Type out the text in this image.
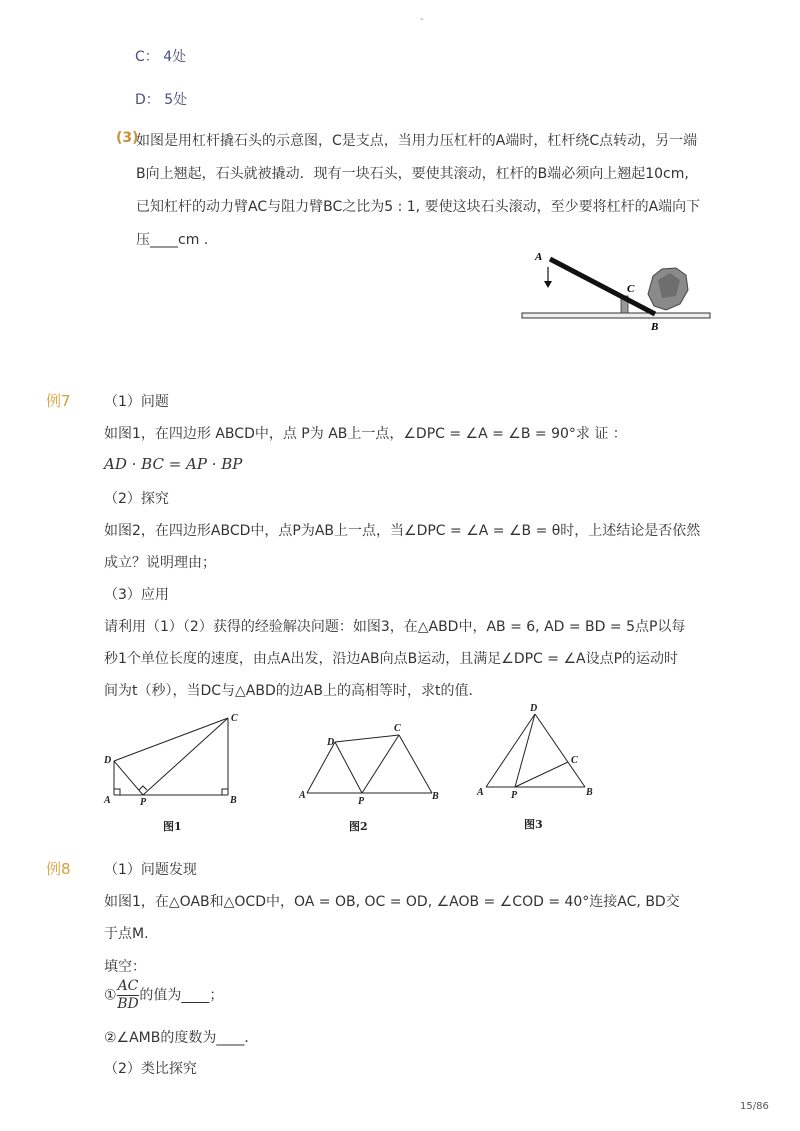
-
C： 4处
D： 5处
(3)
如图是用杠杆撬石头的示意图，C是支点，当用力压杠杆的A端时，杠杆绕C点转动，另一端
B向上翘起，石头就被撬动．现有一块石头，要使其滚动，杠杆的B端必须向上翘起10cm,
已知杠杆的动力臂AC与阻力臂BC之比为5 : 1, 要使这块石头滚动，至少要将杠杆的A端向下
压____cm .
A
C
B
例7 （1）问题
如图1，在四边形 ABCD中，点 P为 AB上一点，∠DPC = ∠A = ∠B = 90°求 证 ：
AD · BC = AP · BP
（2）探究
如图2，在四边形ABCD中，点P为AB上一点，当∠DPC = ∠A = ∠B = θ时，上述结论是否依然
成立？说明理由；
（3）应用
请利用（1）（2）获得的经验解决问题：如图3，在△ABD中，AB = 6, AD = BD = 5点P以每
秒1个单位长度的速度，由点A出发，沿边AB向点B运动，且满足∠DPC = ∠A设点P的运动时
间为t（秒），当DC与△ABD的边AB上的高相等时，求t的值．
D
A	P	B
C
图1
D
C
A
P	B
图2
D
C
A	P	B
图3
例8 （1）问题发现
如图1，在△OAB和△OCD中，OA = OB, OC = OD, ∠AOB = ∠COD = 40°连接AC, BD交
于点M.
填空：
① $\frac{AC}{BD}$ 的值为____；
②∠AMB的度数为____．
（2）类比探究
15/86
